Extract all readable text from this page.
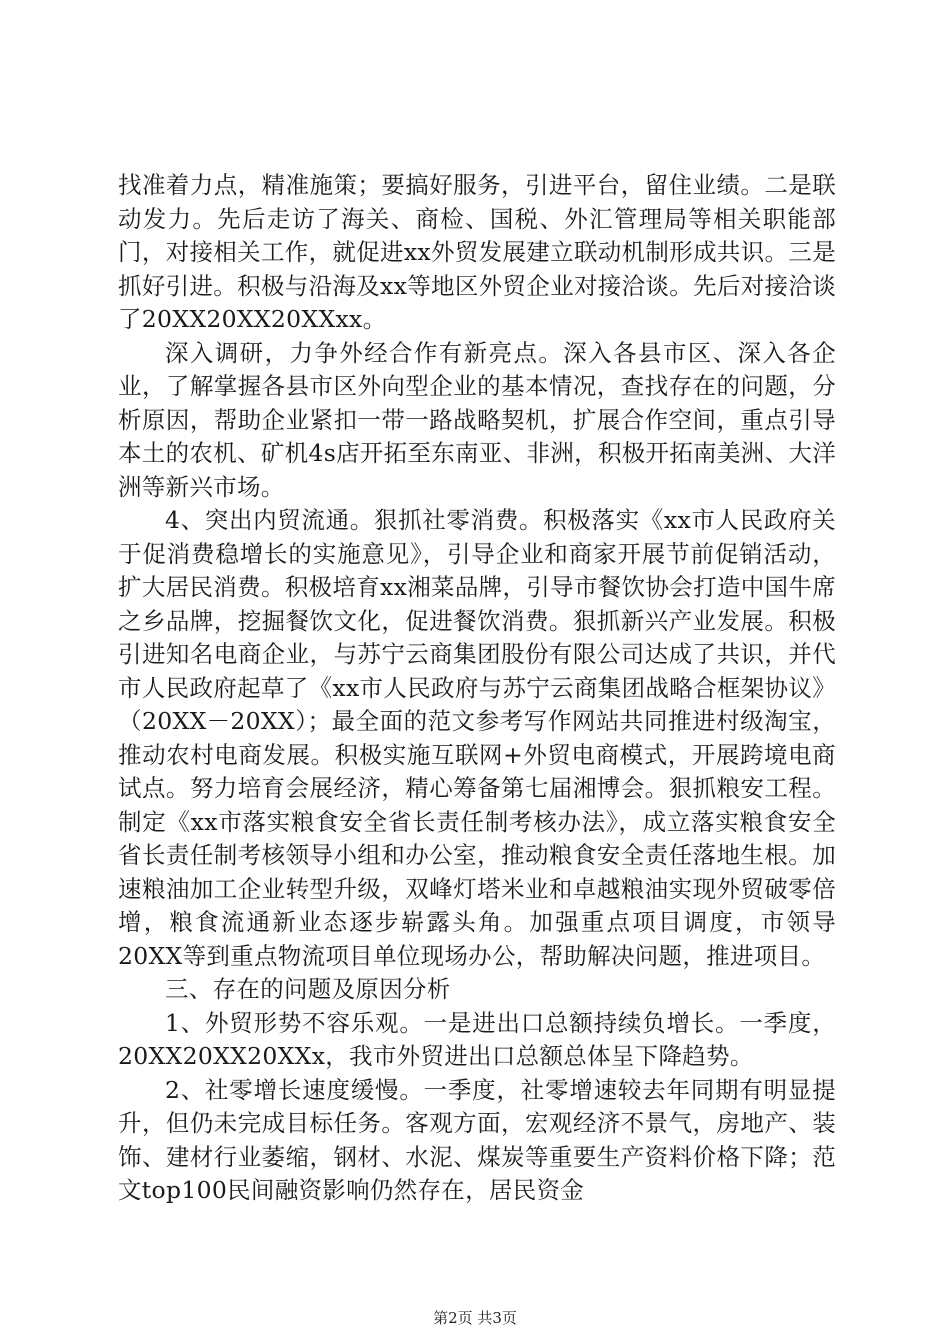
找准着力点，精准施策；要搞好服务，引进平台，留住业绩。二是联动发力。先后走访了海关、商检、国税、外汇管理局等相关职能部门，对接相关工作，就促进xx外贸发展建立联动机制形成共识。三是抓好引进。积极与沿海及xx等地区外贸企业对接洽谈。先后对接洽谈了20XX20XX20XXxx。

深入调研，力争外经合作有新亮点。深入各县市区、深入各企业，了解掌握各县市区外向型企业的基本情况，查找存在的问题，分析原因，帮助企业紧扣一带一路战略契机，扩展合作空间，重点引导本土的农机、矿机4s店开拓至东南亚、非洲，积极开拓南美洲、大洋洲等新兴市场。

4、突出内贸流通。狠抓社零消费。积极落实《xx市人民政府关于促消费稳增长的实施意见》，引导企业和商家开展节前促销活动，扩大居民消费。积极培育xx湘菜品牌，引导市餐饮协会打造中国牛席之乡品牌，挖掘餐饮文化，促进餐饮消费。狠抓新兴产业发展。积极引进知名电商企业，与苏宁云商集团股份有限公司达成了共识，并代市人民政府起草了《xx市人民政府与苏宁云商集团战略合框架协议》（20XX－20XX）；最全面的范文参考写作网站共同推进村级淘宝，推动农村电商发展。积极实施互联网+外贸电商模式，开展跨境电商试点。努力培育会展经济，精心筹备第七届湘博会。狠抓粮安工程。制定《xx市落实粮食安全省长责任制考核办法》，成立落实粮食安全省长责任制考核领导小组和办公室，推动粮食安全责任落地生根。加速粮油加工企业转型升级，双峰灯塔米业和卓越粮油实现外贸破零倍增，粮食流通新业态逐步崭露头角。加强重点项目调度，市领导20XX等到重点物流项目单位现场办公，帮助解决问题，推进项目。

三、存在的问题及原因分析

1、外贸形势不容乐观。一是进出口总额持续负增长。一季度，20XX20XX20XXx，我市外贸进出口总额总体呈下降趋势。

2、社零增长速度缓慢。一季度，社零增速较去年同期有明显提升，但仍未完成目标任务。客观方面，宏观经济不景气，房地产、装饰、建材行业萎缩，钢材、水泥、煤炭等重要生产资料价格下降；范文top100民间融资影响仍然存在，居民资金

第2页 共3页
